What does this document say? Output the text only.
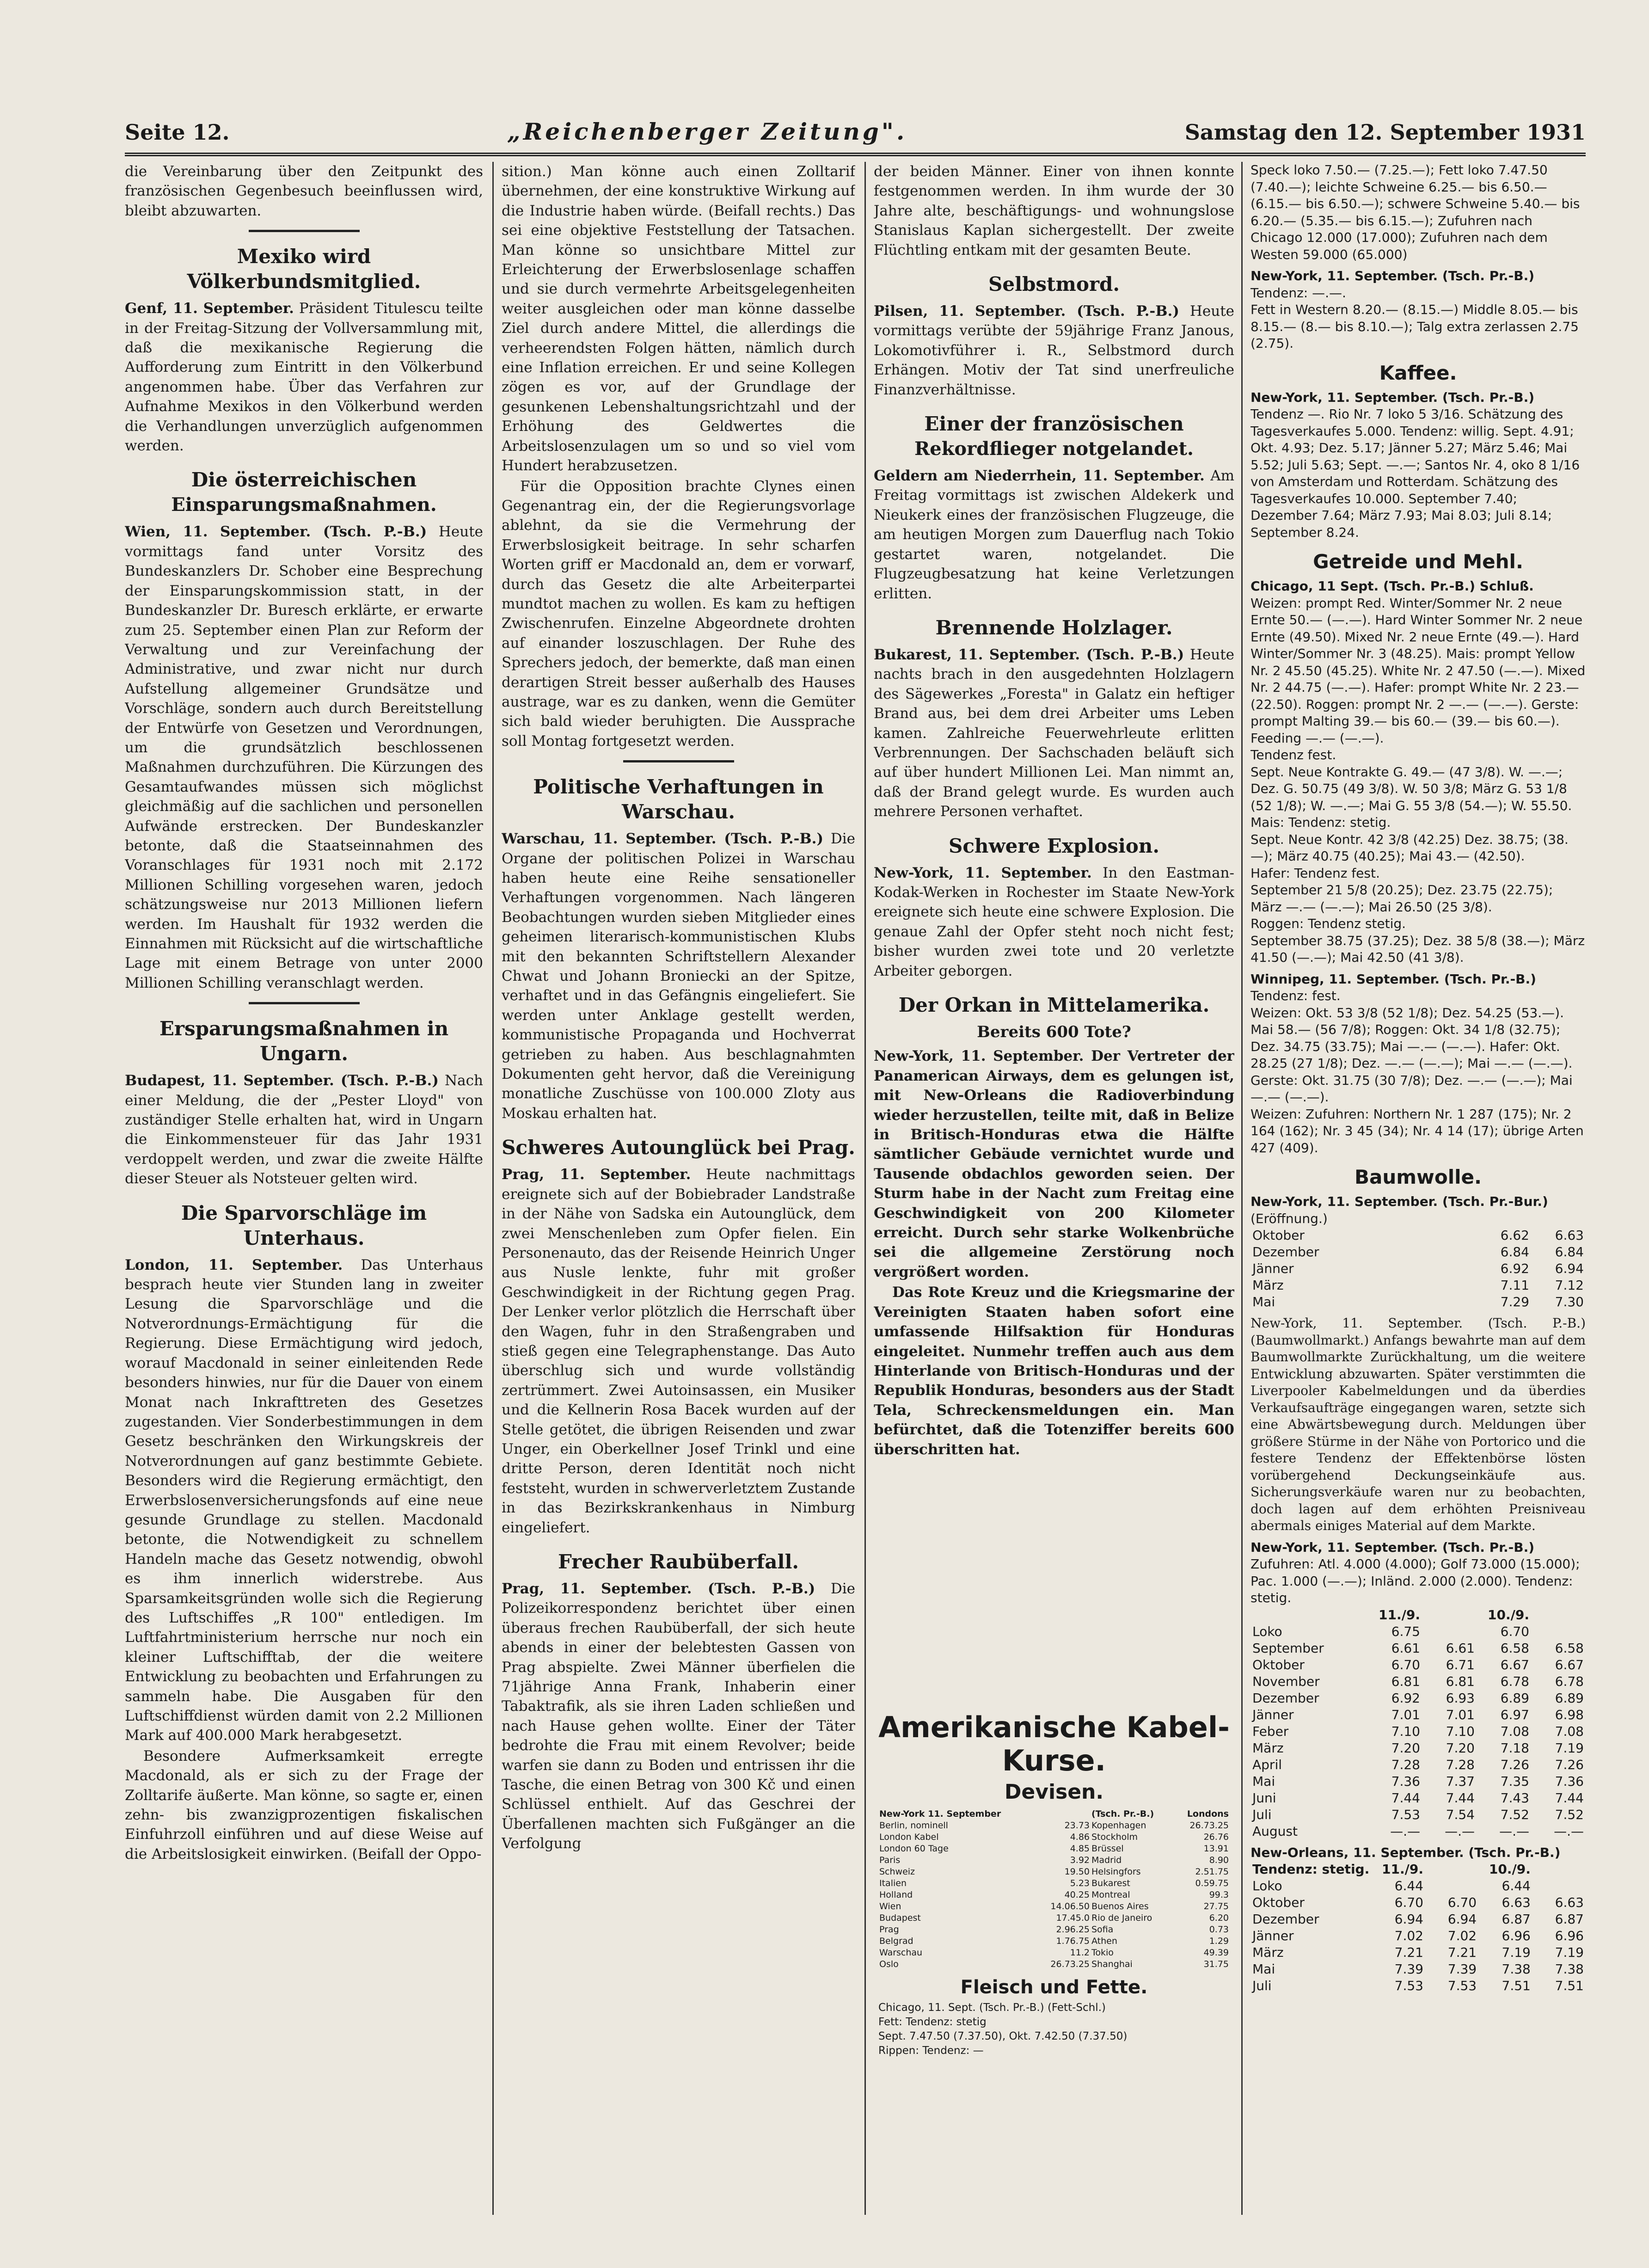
Seite 12.	„Reichenberger Zeitung".	Samstag den 12. September 1931

die Vereinbarung über den Zeitpunkt des französischen Gegenbesuch beeinflussen wird, bleibt abzuwarten.

Mexiko wird Völkerbundsmitglied.

Genf, 11. September. Präsident Titulescu teilte in der Freitag-Sitzung der Vollversammlung mit, daß die mexikanische Regierung die Aufforderung zum Eintritt in den Völkerbund angenommen habe. Über das Verfahren zur Aufnahme Mexikos in den Völkerbund werden die Verhandlungen unverzüglich aufgenommen werden.

Die österreichischen
Einsparungsmaßnahmen.

Wien, 11. September. (Tsch. P.-B.) Heute vormittags fand unter Vorsitz des Bundeskanzlers Dr. Schober eine Besprechung der Einsparungskommission statt, in der Bundeskanzler Dr. Buresch erklärte, er erwarte zum 25. September einen Plan zur Reform der Verwaltung und zur Vereinfachung der Administrative, und zwar nicht nur durch Aufstellung allgemeiner Grundsätze und Vorschläge, sondern auch durch Bereitstellung der Entwürfe von Gesetzen und Verordnungen, um die grundsätzlich beschlossenen Maßnahmen durchzuführen. Die Kürzungen des Gesamtaufwandes müssen sich möglichst gleichmäßig auf die sachlichen und personellen Aufwände erstrecken. Der Bundeskanzler betonte, daß die Staatseinnahmen des Voranschlages für 1931 noch mit 2.172 Millionen Schilling vorgesehen waren, jedoch schätzungsweise nur 2013 Millionen liefern werden. Im Haushalt für 1932 werden die Einnahmen mit Rücksicht auf die wirtschaftliche Lage mit einem Betrage von unter 2000 Millionen Schilling veranschlagt werden.

Ersparungsmaßnahmen in Ungarn.

Budapest, 11. September. (Tsch. P.-B.) Nach einer Meldung, die der „Pester Lloyd" von zuständiger Stelle erhalten hat, wird in Ungarn die Einkommensteuer für das Jahr 1931 verdoppelt werden, und zwar die zweite Hälfte dieser Steuer als Notsteuer gelten wird.

Die Sparvorschläge im Unterhaus.

London, 11. September. Das Unterhaus besprach heute vier Stunden lang in zweiter Lesung die Sparvorschläge und die Notverordnungs-Ermächtigung für die Regierung. Diese Ermächtigung wird jedoch, worauf Macdonald in seiner einleitenden Rede besonders hinwies, nur für die Dauer von einem Monat nach Inkrafttreten des Gesetzes zugestanden. Vier Sonderbestimmungen in dem Gesetz beschränken den Wirkungskreis der Notverordnungen auf ganz bestimmte Gebiete. Besonders wird die Regierung ermächtigt, den Erwerbslosenversicherungsfonds auf eine neue gesunde Grundlage zu stellen. Macdonald betonte, die Notwendigkeit zu schnellem Handeln mache das Gesetz notwendig, obwohl es ihm innerlich widerstrebe. Aus Sparsamkeitsgründen wolle sich die Regierung des Luftschiffes „R 100" entledigen. Im Luftfahrtministerium herrsche nur noch ein kleiner Luftschifftab, der die weitere Entwicklung zu beobachten und Erfahrungen zu sammeln habe. Die Ausgaben für den Luftschiffdienst würden damit von 2.2 Millionen Mark auf 400.000 Mark herabgesetzt.

Besondere Aufmerksamkeit erregte Macdonald, als er sich zu der Frage der Zolltarife äußerte. Man könne, so sagte er, einen zehn- bis zwanzigprozentigen fiskalischen Einfuhrzoll einführen und auf diese Weise auf die Arbeitslosigkeit einwirken. (Beifall der Oppo-

sition.) Man könne auch einen Zolltarif übernehmen, der eine konstruktive Wirkung auf die Industrie haben würde. (Beifall rechts.) Das sei eine objektive Feststellung der Tatsachen. Man könne so unsichtbare Mittel zur Erleichterung der Erwerbslosenlage schaffen und sie durch vermehrte Arbeitsgelegenheiten weiter ausgleichen oder man könne dasselbe Ziel durch andere Mittel, die allerdings die verheerendsten Folgen hätten, nämlich durch eine Inflation erreichen. Er und seine Kollegen zögen es vor, auf der Grundlage der gesunkenen Lebenshaltungsrichtzahl und der Erhöhung des Geldwertes die Arbeitslosenzulagen um so und so viel vom Hundert herabzusetzen.

Für die Opposition brachte Clynes einen Gegenantrag ein, der die Regierungsvorlage ablehnt, da sie die Vermehrung der Erwerbslosigkeit beitrage. In sehr scharfen Worten griff er Macdonald an, dem er vorwarf, durch das Gesetz die alte Arbeiterpartei mundtot machen zu wollen. Es kam zu heftigen Zwischenrufen. Einzelne Abgeordnete drohten auf einander loszuschlagen. Der Ruhe des Sprechers jedoch, der bemerkte, daß man einen derartigen Streit besser außerhalb des Hauses austrage, war es zu danken, wenn die Gemüter sich bald wieder beruhigten. Die Aussprache soll Montag fortgesetzt werden.

Politische Verhaftungen in Warschau.

Warschau, 11. September. (Tsch. P.-B.) Die Organe der politischen Polizei in Warschau haben heute eine Reihe sensationeller Verhaftungen vorgenommen. Nach längeren Beobachtungen wurden sieben Mitglieder eines geheimen literarisch-kommunistischen Klubs mit den bekannten Schriftstellern Alexander Chwat und Johann Broniecki an der Spitze, verhaftet und in das Gefängnis eingeliefert. Sie werden unter Anklage gestellt werden, kommunistische Propaganda und Hochverrat getrieben zu haben. Aus beschlagnahmten Dokumenten geht hervor, daß die Vereinigung monatliche Zuschüsse von 100.000 Zloty aus Moskau erhalten hat.

Schweres Autounglück bei Prag.

Prag, 11. September. Heute nachmittags ereignete sich auf der Bobiebrader Landstraße in der Nähe von Sadska ein Autounglück, dem zwei Menschenleben zum Opfer fielen. Ein Personenauto, das der Reisende Heinrich Unger aus Nusle lenkte, fuhr mit großer Geschwindigkeit in der Richtung gegen Prag. Der Lenker verlor plötzlich die Herrschaft über den Wagen, fuhr in den Straßengraben und stieß gegen eine Telegraphenstange. Das Auto überschlug sich und wurde vollständig zertrümmert. Zwei Autoinsassen, ein Musiker und die Kellnerin Rosa Bacek wurden auf der Stelle getötet, die übrigen Reisenden und zwar Unger, ein Oberkellner Josef Trinkl und eine dritte Person, deren Identität noch nicht feststeht, wurden in schwerverletztem Zustande in das Bezirkskrankenhaus in Nimburg eingeliefert.

Frecher Raubüberfall.

Prag, 11. September. (Tsch. P.-B.) Die Polizeikorrespondenz berichtet über einen überaus frechen Raubüberfall, der sich heute abends in einer der belebtesten Gassen von Prag abspielte. Zwei Männer überfielen die 71jährige Anna Frank, Inhaberin einer Tabaktrafik, als sie ihren Laden schließen und nach Hause gehen wollte. Einer der Täter bedrohte die Frau mit einem Revolver; beide warfen sie dann zu Boden und entrissen ihr die Tasche, die einen Betrag von 300 Kč und einen Schlüssel enthielt. Auf das Geschrei der Überfallenen machten sich Fußgänger an die Verfolgung

der beiden Männer. Einer von ihnen konnte festgenommen werden. In ihm wurde der 30 Jahre alte, beschäftigungs- und wohnungslose Stanislaus Kaplan sichergestellt. Der zweite Flüchtling entkam mit der gesamten Beute.

Selbstmord.

Pilsen, 11. September. (Tsch. P.-B.) Heute vormittags verübte der 59jährige Franz Janous, Lokomotivführer i. R., Selbstmord durch Erhängen. Motiv der Tat sind unerfreuliche Finanzverhältnisse.

Einer der französischen
Rekordflieger notgelandet.

Geldern am Niederrhein, 11. September. Am Freitag vormittags ist zwischen Aldekerk und Nieukerk eines der französischen Flugzeuge, die am heutigen Morgen zum Dauerflug nach Tokio gestartet waren, notgelandet. Die Flugzeugbesatzung hat keine Verletzungen erlitten.

Brennende Holzlager.

Bukarest, 11. September. (Tsch. P.-B.) Heute nachts brach in den ausgedehnten Holzlagern des Sägewerkes „Foresta" in Galatz ein heftiger Brand aus, bei dem drei Arbeiter ums Leben kamen. Zahlreiche Feuerwehrleute erlitten Verbrennungen. Der Sachschaden beläuft sich auf über hundert Millionen Lei. Man nimmt an, daß der Brand gelegt wurde. Es wurden auch mehrere Personen verhaftet.

Schwere Explosion.

New-York, 11. September. In den Eastman-Kodak-Werken in Rochester im Staate New-York ereignete sich heute eine schwere Explosion. Die genaue Zahl der Opfer steht noch nicht fest; bisher wurden zwei tote und 20 verletzte Arbeiter geborgen.

Der Orkan in Mittelamerika.
Bereits 600 Tote?

New-York, 11. September. Der Vertreter der Panamerican Airways, dem es gelungen ist, mit New-Orleans die Radioverbindung wieder herzustellen, teilte mit, daß in Belize in Britisch-Honduras etwa die Hälfte sämtlicher Gebäude vernichtet wurde und Tausende obdachlos geworden seien. Der Sturm habe in der Nacht zum Freitag eine Geschwindigkeit von 200 Kilometer erreicht. Durch sehr starke Wolkenbrüche sei die allgemeine Zerstörung noch vergrößert worden.

Das Rote Kreuz und die Kriegsmarine der Vereinigten Staaten haben sofort eine umfassende Hilfsaktion für Honduras eingeleitet. Nunmehr treffen auch aus dem Hinterlande von Britisch-Honduras und der Republik Honduras, besonders aus der Stadt Tela, Schreckensmeldungen ein. Man befürchtet, daß die Totenziffer bereits 600 überschritten hat.

Amerikanische Kabel-
Kurse.
Devisen.
New-York 11. September		(Tsch. Pr.-B.)	Londons
Berlin, nominell	23.73	Kopenhagen	26.73.25
London Kabel	4.86	Stockholm	26.76
London 60 Tage	4.85	Brüssel	13.91
Paris	3.92	Madrid	8.90
Schweiz	19.50	Helsingfors	2.51.75
Italien	5.23	Bukarest	0.59.75
Holland	40.25	Montreal	99.3
Wien	14.06.50	Buenos Aires	27.75
Budapest	17.45.0	Rio de Janeiro	6.20
Prag	2.96.25	Sofia	0.73
Belgrad	1.76.75	Athen	1.29
Warschau	11.2	Tokio	49.39
Oslo	26.73.25	Shanghai	31.75
Fleisch und Fette.
Chicago, 11. Sept. (Tsch. Pr.-B.) (Fett-Schl.)
Fett: Tendenz: stetig
Sept. 7.47.50 (7.37.50), Okt. 7.42.50 (7.37.50)
Rippen: Tendenz: —

Speck loko 7.50.— (7.25.—); Fett loko 7.47.50 (7.40.—); leichte Schweine 6.25.— bis 6.50.— (6.15.— bis 6.50.—); schwere Schweine 5.40.— bis 6.20.— (5.35.— bis 6.15.—); Zufuhren nach Chicago 12.000 (17.000); Zufuhren nach dem Westen 59.000 (65.000)

New-York, 11. September. (Tsch. Pr.-B.)

Tendenz: —.—.

Fett in Western 8.20.— (8.15.—) Middle 8.05.— bis 8.15.— (8.— bis 8.10.—); Talg extra zerlassen 2.75 (2.75).

Kaffee.

New-York, 11. September. (Tsch. Pr.-B.)

Tendenz —. Rio Nr. 7 loko 5 3/16. Schätzung des Tagesverkaufes 5.000. Tendenz: willig. Sept. 4.91; Okt. 4.93; Dez. 5.17; Jänner 5.27; März 5.46; Mai 5.52; Juli 5.63; Sept. —.—; Santos Nr. 4, oko 8 1/16 von Amsterdam und Rotterdam. Schätzung des Tagesverkaufes 10.000. September 7.40; Dezember 7.64; März 7.93; Mai 8.03; Juli 8.14; September 8.24.

Getreide und Mehl.

Chicago, 11 Sept. (Tsch. Pr.-B.) Schluß.

Weizen: prompt Red. Winter/Sommer Nr. 2 neue Ernte 50.— (—.—). Hard Winter Sommer Nr. 2 neue Ernte (49.50). Mixed Nr. 2 neue Ernte (49.—). Hard Winter/Sommer Nr. 3 (48.25). Mais: prompt Yellow Nr. 2 45.50 (45.25). White Nr. 2 47.50 (—.—). Mixed Nr. 2 44.75 (—.—). Hafer: prompt White Nr. 2 23.— (22.50). Roggen: prompt Nr. 2 —.— (—.—). Gerste: prompt Malting 39.— bis 60.— (39.— bis 60.—). Feeding —.— (—.—).

Tendenz fest.

Sept. Neue Kontrakte G. 49.— (47 3/8). W. —.—; Dez. G. 50.75 (49 3/8). W. 50 3/8; März G. 53 1/8 (52 1/8); W. —.—; Mai G. 55 3/8 (54.—); W. 55.50.

Mais: Tendenz: stetig.

Sept. Neue Kontr. 42 3/8 (42.25) Dez. 38.75; (38.—); März 40.75 (40.25); Mai 43.— (42.50).

Hafer: Tendenz fest.

September 21 5/8 (20.25); Dez. 23.75 (22.75); März —.— (—.—); Mai 26.50 (25 3/8).

Roggen: Tendenz stetig.

September 38.75 (37.25); Dez. 38 5/8 (38.—); März 41.50 (—.—); Mai 42.50 (41 3/8).

Winnipeg, 11. September. (Tsch. Pr.-B.)

Tendenz: fest.

Weizen: Okt. 53 3/8 (52 1/8); Dez. 54.25 (53.—). Mai 58.— (56 7/8); Roggen: Okt. 34 1/8 (32.75); Dez. 34.75 (33.75); Mai —.— (—.—). Hafer: Okt. 28.25 (27 1/8); Dez. —.— (—.—); Mai —.— (—.—). Gerste: Okt. 31.75 (30 7/8); Dez. —.— (—.—); Mai —.— (—.—).

Weizen: Zufuhren: Northern Nr. 1 287 (175); Nr. 2 164 (162); Nr. 3 45 (34); Nr. 4 14 (17); übrige Arten 427 (409).

Baumwolle.

New-York, 11. September. (Tsch. Pr.-Bur.)

(Eröffnung.)

Oktober	6.62	6.63
Dezember	6.84	6.84
Jänner	6.92	6.94
März	7.11	7.12
Mai	7.29	7.30

New-York, 11. September. (Tsch. P.-B.) (Baumwollmarkt.) Anfangs bewahrte man auf dem Baumwollmarkte Zurückhaltung, um die weitere Entwicklung abzuwarten. Später verstimmten die Liverpooler Kabelmeldungen und da überdies Verkaufsaufträge eingegangen waren, setzte sich eine Abwärtsbewegung durch. Meldungen über größere Stürme in der Nähe von Portorico und die festere Tendenz der Effektenbörse lösten vorübergehend Deckungseinkäufe aus. Sicherungsverkäufe waren nur zu beobachten, doch lagen auf dem erhöhten Preisniveau abermals einiges Material auf dem Markte.

New-York, 11. September. (Tsch. Pr.-B.)

Zufuhren: Atl. 4.000 (4.000); Golf 73.000 (15.000); Pac. 1.000 (—.—); Inländ. 2.000 (2.000). Tendenz: stetig.

	11./9.		10./9.	
Loko	6.75		6.70	
September	6.61	6.61	6.58	6.58
Oktober	6.70	6.71	6.67	6.67
November	6.81	6.81	6.78	6.78
Dezember	6.92	6.93	6.89	6.89
Jänner	7.01	7.01	6.97	6.98
Feber	7.10	7.10	7.08	7.08
März	7.20	7.20	7.18	7.19
April	7.28	7.28	7.26	7.26
Mai	7.36	7.37	7.35	7.36
Juni	7.44	7.44	7.43	7.44
Juli	7.53	7.54	7.52	7.52
August	—.—	—.—	—.—	—.—

New-Orleans, 11. September. (Tsch. Pr.-B.)

Tendenz: stetig.	11./9.		10./9.	
Loko	6.44		6.44	
Oktober	6.70	6.70	6.63	6.63
Dezember	6.94	6.94	6.87	6.87
Jänner	7.02	7.02	6.96	6.96
März	7.21	7.21	7.19	7.19
Mai	7.39	7.39	7.38	7.38
Juli	7.53	7.53	7.51	7.51
